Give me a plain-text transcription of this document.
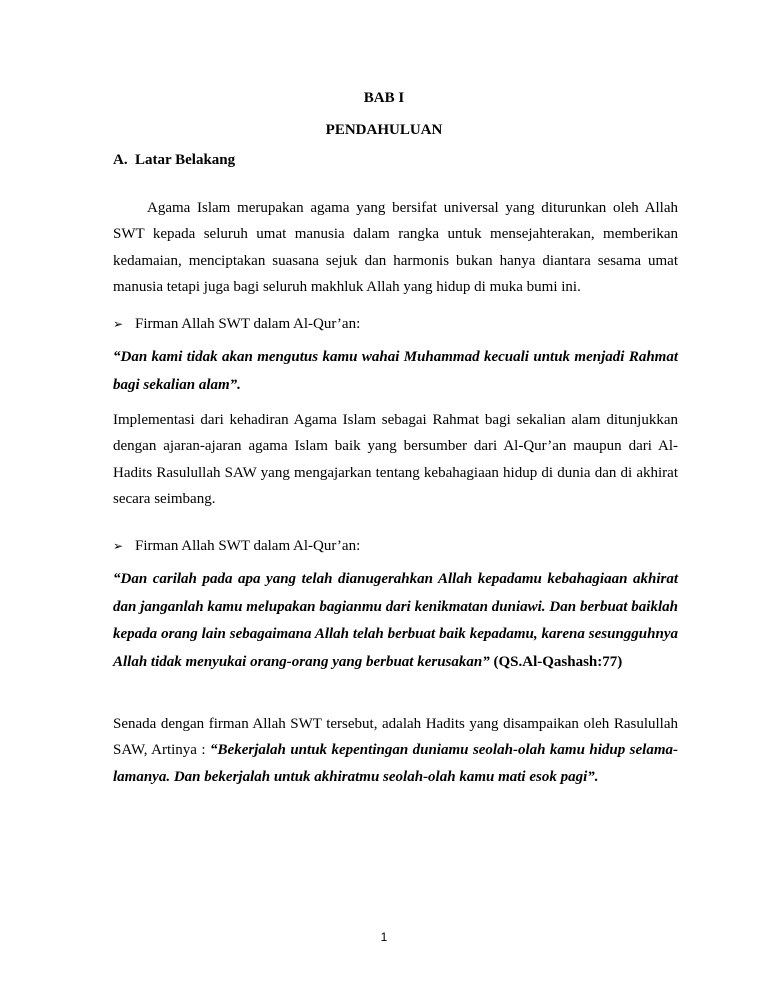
BAB I
PENDAHULUAN
A. Latar Belakang

Agama Islam merupakan agama yang bersifat universal yang diturunkan oleh Allah SWT kepada seluruh umat manusia dalam rangka untuk mensejahterakan, memberikan kedamaian, menciptakan suasana sejuk dan harmonis bukan hanya diantara sesama umat manusia tetapi juga bagi seluruh makhluk Allah yang hidup di muka bumi ini.

➢ Firman Allah SWT dalam Al-Qur’an:

“Dan kami tidak akan mengutus kamu wahai Muhammad kecuali untuk menjadi Rahmat bagi sekalian alam”.

Implementasi dari kehadiran Agama Islam sebagai Rahmat bagi sekalian alam ditunjukkan dengan ajaran-ajaran agama Islam baik yang bersumber dari Al-Qur’an maupun dari Al-Hadits Rasulullah SAW yang mengajarkan tentang kebahagiaan hidup di dunia dan di akhirat secara seimbang.

➢ Firman Allah SWT dalam Al-Qur’an:

“Dan carilah pada apa yang telah dianugerahkan Allah kepadamu kebahagiaan akhirat dan janganlah kamu melupakan bagianmu dari kenikmatan duniawi. Dan berbuat baiklah kepada orang lain sebagaimana Allah telah berbuat baik kepadamu, karena sesungguhnya Allah tidak menyukai orang-orang yang berbuat kerusakan” (QS.Al-Qashash:77)

Senada dengan firman Allah SWT tersebut, adalah Hadits yang disampaikan oleh Rasulullah SAW, Artinya : “Bekerjalah untuk kepentingan duniamu seolah-olah kamu hidup selama-lamanya. Dan bekerjalah untuk akhiratmu seolah-olah kamu mati esok pagi”.

1
